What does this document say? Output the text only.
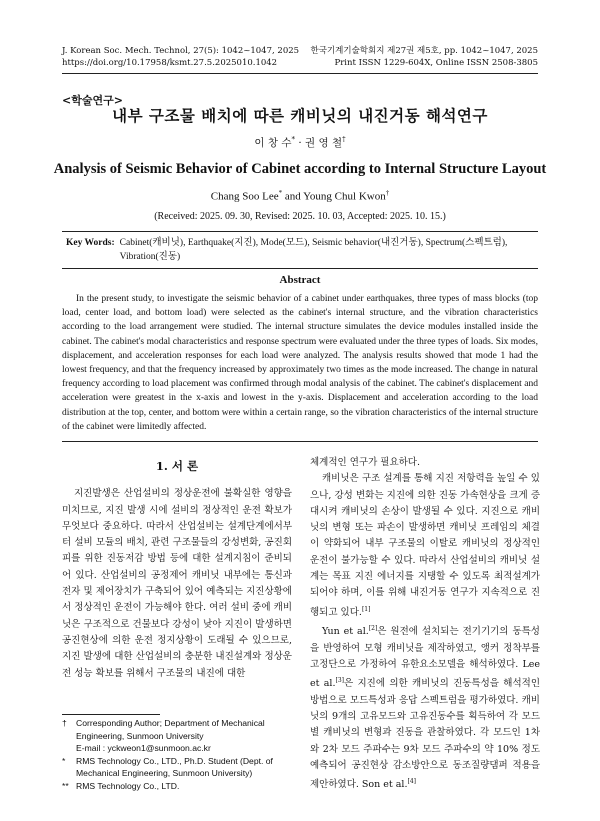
J. Korean Soc. Mech. Technol, 27(5): 1042~1047, 2025 한국기계기술학회지 제27권 제5호, pp. 1042~1047, 2025
https://doi.org/10.17958/ksmt.27.5.2025010.1042	Print ISSN 1229-604X, Online ISSN 2508-3805
<학술연구>
내부 구조물 배치에 따른 캐비닛의 내진거동 해석연구
이 창 수* · 권 영 철†
Analysis of Seismic Behavior of Cabinet according to Internal Structure Layout
Chang Soo Lee* and Young Chul Kwon†
(Received: 2025. 09. 30, Revised: 2025. 10. 03, Accepted: 2025. 10. 15.)
Key Words: Cabinet(캐비닛), Earthquake(지진), Mode(모드), Seismic behavior(내진거동), Spectrum(스펙트럼), Vibration(진동)
Abstract
In the present study, to investigate the seismic behavior of a cabinet under earthquakes, three types of mass blocks (top load, center load, and bottom load) were selected as the cabinet's internal structure, and the vibration characteristics according to the load arrangement were studied. The internal structure simulates the device modules installed inside the cabinet. The cabinet's modal characteristics and response spectrum were evaluated under the three types of loads. Six modes, displacement, and acceleration responses for each load were analyzed. The analysis results showed that mode 1 had the lowest frequency, and that the frequency increased by approximately two times as the mode increased. The change in natural frequency according to load placement was confirmed through modal analysis of the cabinet. The cabinet's displacement and acceleration were greatest in the x-axis and lowest in the y-axis. Displacement and acceleration according to the load distribution at the top, center, and bottom were within a certain range, so the vibration characteristics of the internal structure of the cabinet were limitedly affected.
1. 서 론

지진발생은 산업설비의 정상운전에 불확실한 영향을 미치므로, 지진 발생 시에 설비의 정상적인 운전 확보가 무엇보다 중요하다. 따라서 산업설비는 설계단계에서부터 설비 모듈의 배치, 관련 구조물들의 강성변화, 공진회피를 위한 진동저감 방법 등에 대한 설계지침이 준비되어 있다. 산업설비의 공정제어 캐비닛 내부에는 통신과 전자 및 제어장치가 구축되어 있어 예측되는 지진상황에서 정상적인 운전이 가능해야 한다. 여러 설비 중에 캐비닛은 구조적으로 건물보다 강성이 낮아 지진이 발생하면 공진현상에 의한 운전 정지상황이 도래될 수 있으므로, 지진 발생에 대한 산업설비의 충분한 내진설계와 정상운전 성능 확보를 위해서 구조물의 내진에 대한

체계적인 연구가 필요하다.

캐비닛은 구조 설계를 통해 지진 저항력을 높일 수 있으나, 강성 변화는 지진에 의한 진동 가속현상을 크게 증대시켜 캐비닛의 손상이 발생될 수 있다. 지진으로 캐비닛의 변형 또는 파손이 발생하면 캐비닛 프레임의 체결이 약화되어 내부 구조물의 이탈로 캐비닛의 정상적인 운전이 불가능할 수 있다. 따라서 산업설비의 캐비닛 설계는 목표 지진 에너지를 지탱할 수 있도록 최적설계가 되어야 하며, 이를 위해 내진거동 연구가 지속적으로 진행되고 있다.[1]

Yun et al.[2]은 원전에 설치되는 전기기기의 동특성을 반영하여 모형 캐비닛을 제작하였고, 앵커 정착부를 고정단으로 가정하여 유한요소모델을 해석하였다. Lee et al.[3]은 지진에 의한 캐비닛의 진동특성을 해석적인 방법으로 모드특성과 응답 스펙트럼을 평가하였다. 캐비닛의 9개의 고유모드와 고유진동수를 획득하여 각 모드별 캐비닛의 변형과 진동을 관찰하였다. 각 모드인 1차와 2차 모드 주파수는 9차 모드 주파수의 약 10% 정도 예측되어 공진현상 감소방안으로 동조질량댐퍼 적용을 제안하였다. Son et al.[4]

†	Corresponding Author; Department of Mechanical Engineering, Sunmoon University
E-mail : yckweon1@sunmoon.ac.kr
*	RMS Technology Co., LTD., Ph.D. Student (Dept. of Mechanical Engineering, Sunmoon University)
** RMS Technology Co., LTD.
